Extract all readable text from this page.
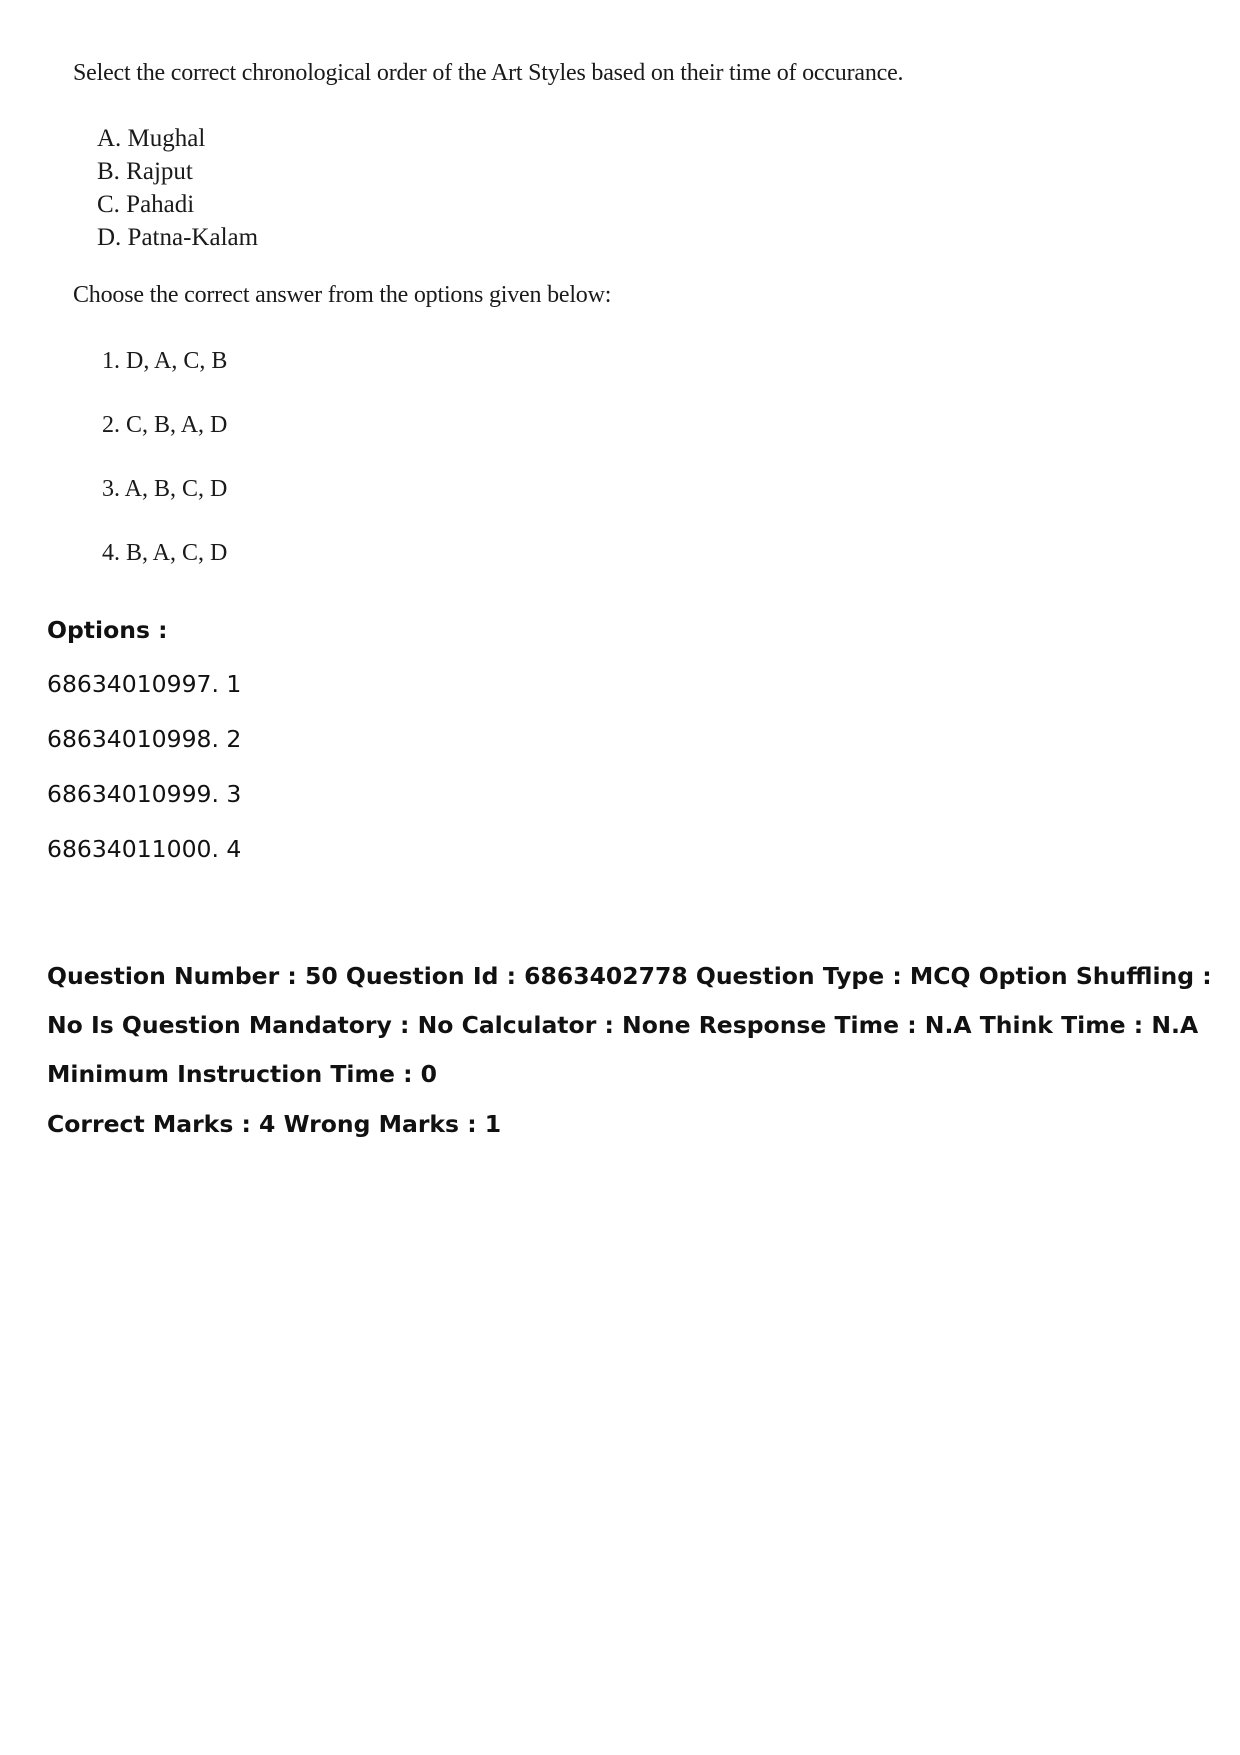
Select the correct chronological order of the Art Styles based on their time of occurance.
A. Mughal
B. Rajput
C. Pahadi
D. Patna-Kalam
Choose the correct answer from the options given below:
1. D, A, C, B
2. C, B, A, D
3. A, B, C, D
4. B, A, C, D
Options :
68634010997. 1
68634010998. 2
68634010999. 3
68634011000. 4
Question Number : 50 Question Id : 6863402778 Question Type : MCQ Option Shuffling : No Is Question Mandatory : No Calculator : None Response Time : N.A Think Time : N.A Minimum Instruction Time : 0
Correct Marks : 4 Wrong Marks : 1
